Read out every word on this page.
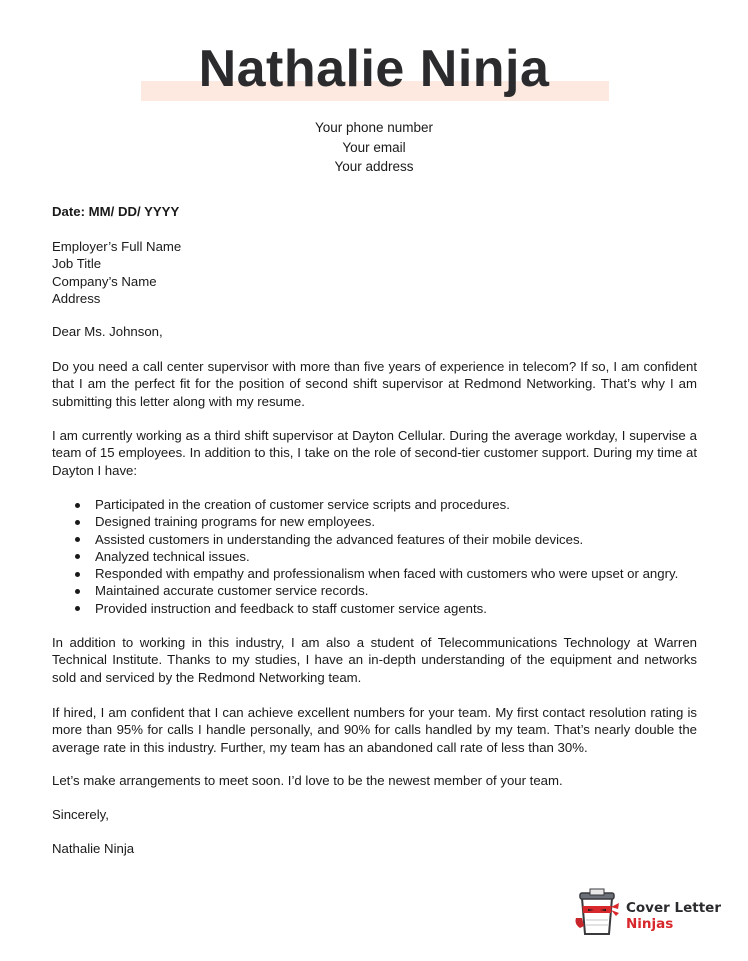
Nathalie Ninja
Your phone number
Your email
Your address
Date: MM/ DD/ YYYY
Employer’s Full Name
Job Title
Company’s Name
Address
Dear Ms. Johnson,
Do you need a call center supervisor with more than five years of experience in telecom? If so, I am confident that I am the perfect fit for the position of second shift supervisor at Redmond Networking. That’s why I am submitting this letter along with my resume.
I am currently working as a third shift supervisor at Dayton Cellular. During the average workday, I supervise a team of 15 employees. In addition to this, I take on the role of second-tier customer support. During my time at Dayton I have:
Participated in the creation of customer service scripts and procedures.
Designed training programs for new employees.
Assisted customers in understanding the advanced features of their mobile devices.
Analyzed technical issues.
Responded with empathy and professionalism when faced with customers who were upset or angry.
Maintained accurate customer service records.
Provided instruction and feedback to staff customer service agents.
In addition to working in this industry, I am also a student of Telecommunications Technology at Warren Technical Institute. Thanks to my studies, I have an in-depth understanding of the equipment and networks sold and serviced by the Redmond Networking team.
If hired, I am confident that I can achieve excellent numbers for your team. My first contact resolution rating is more than 95% for calls I handle personally, and 90% for calls handled by my team. That’s nearly double the average rate in this industry. Further, my team has an abandoned call rate of less than 30%.
Let’s make arrangements to meet soon. I’d love to be the newest member of your team.
Sincerely,
Nathalie Ninja
Cover Letter
Ninjas
